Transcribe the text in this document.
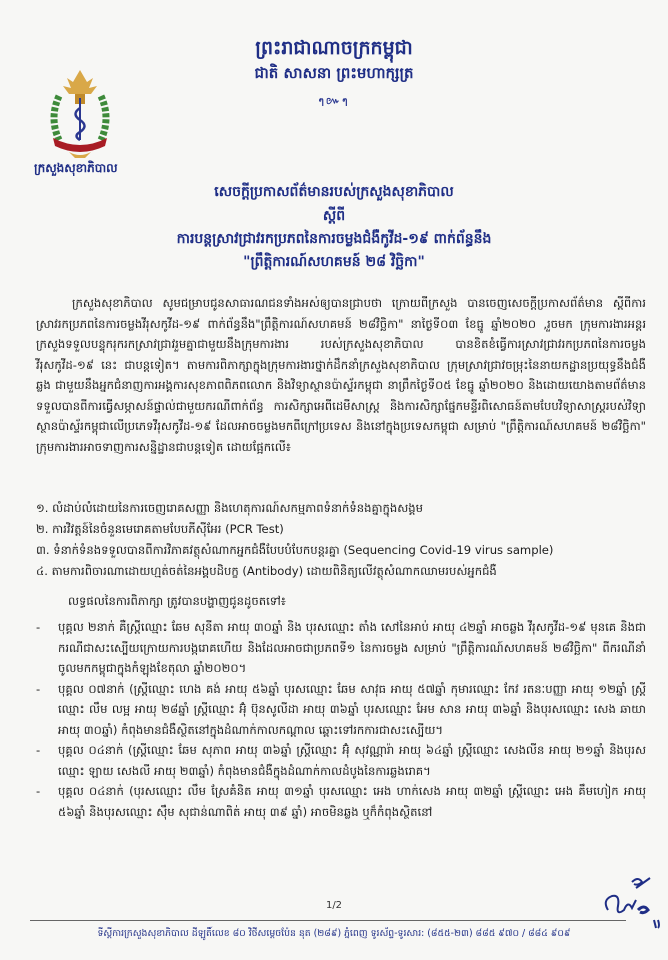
ព្រះរាជាណាចក្រកម្ពុជា
ជាតិ សាសនា ព្រះមហាក្សត្រ
ๆ៚ๆ
ក្រសួងសុខាភិបាល
សេចក្តីប្រកាសព័ត៌មានរបស់ក្រសួងសុខាភិបាល
ស្តីពី
ការបន្តស្រាវជ្រាវរកប្រភពនៃការចម្លងជំងឺកូវីដ-១៩ ពាក់ព័ន្ធនឹង
"ព្រឹត្តិការណ៍សហគមន៍ ២៨ វិច្ឆិកា"
ក្រសួងសុខាភិបាល សូមជម្រាបជូនសាធារណជនទាំងអស់ឲ្យបានជ្រាបថា ក្រោយពីក្រសួង បានចេញសេចក្តីប្រកាសព័ត៌មាន ស្តីពីការស្រាវរកប្រភពនៃការចម្លងវីរុសកូវីដ-១៩ ពាក់ព័ន្ធនឹង"ព្រឹត្តិការណ៍សហគមន៍ ២៨វិច្ឆិកា" នាថ្ងៃទី០៣ ខែធ្នូ ឆ្នាំ២០២០ ,រួចមក ក្រុមការងារអន្តរក្រសួងទទួលបន្ទុករុករកស្រាវជ្រាវរួមគ្នាជាមួយនឹងក្រុមការងារ របស់ក្រសួងសុខាភិបាល បានខិតខំធ្វើការស្រាវជ្រាវរកប្រភពនៃការចម្លងវីរុសកូវីដ-១៩ នេះ ជាបន្តទៀត។ តាមការពិភាក្សាក្នុងក្រុមការងារថ្នាក់ដឹកនាំក្រសួងសុខាភិបាល ក្រុមស្រាវជ្រាវចម្រុះនៃនាយកដ្ឋានប្រយុទ្ធនឹងជំងឺឆ្លង ជាមួយនឹងអ្នកជំនាញការអង្គការសុខភាពពិភពលោក និងវិទ្យាស្ថានប៉ាស្ទ័រកម្ពុជា នាព្រឹកថ្ងៃទី០៥ ខែធ្នូ ឆ្នាំ២០២០ និងដោយយោងតាមព័ត៌មានទទួលបានពីការធ្វើសម្ភាសន៍ផ្ទាល់ជាមួយករណីពាក់ព័ន្ធ ការសិក្សាអេពីដេមីសាស្ត្រ និងការសិក្សាផ្នែកមន្ទីរពិសោធន៍តាមបែបវិទ្យាសាស្ត្ររបស់វិទ្យាស្ថានប៉ាស្ទ័រកម្ពុជាលើប្រភេទវីរុសកូវីដ-១៩ ដែលអាចចម្លងមកពីក្រៅប្រទេស និងនៅក្នុងប្រទេសកម្ពុជា សម្រាប់ "ព្រឹត្តិការណ៍សហគមន៍ ២៨វិច្ឆិកា" ក្រុមការងារអាចទាញការសន្និដ្ឋានជាបន្តទៀត ដោយផ្អែកលើ៖
១. លំដាប់លំដោយនៃការចេញរោគសញ្ញា និងហេតុការណ៍សកម្មភាពទំនាក់ទំនងគ្នាក្នុងសង្គម
២. ការវិវត្តន៍នៃចំនួនមេរោគតាមបែបភីស៊ីអែរ (PCR Test)
៣. ទំនាក់ទំនងទទួលបានពីការវិភាគវត្ថុសំណាកអ្នកជំងឺបែបបំបែកបន្តរគ្នា (Sequencing Covid-19 virus sample)
៤. តាមការពិចារណាដោយហ្មត់ចត់នៃអង្គបដិបក្ខ (Antibody) ដោយពិនិត្យលើវត្ថុសំណាកឈាមរបស់អ្នកជំងឺ
លទ្ធផលនៃការពិភាក្សា ត្រូវបានបង្ហាញជូនដូចតទៅ៖
-	បុគ្គល ២នាក់ គឺស្ត្រីឈ្មោះ ឆែម សុនីតា អាយុ ៣០ឆ្នាំ និង បុរសឈ្មោះ តាំង សៅនៃអាប់ អាយុ ៤២ឆ្នាំ អាចឆ្លង វីរុសកូវីដ-១៩ មុនគេ និងជាករណីជាសះស្បើយក្រោយការបង្ករោគហើយ និងដែលអាចជាប្រភពទី១ នៃការចម្លង សម្រាប់ "ព្រឹត្តិការណ៍សហគមន៍ ២៨វិច្ឆិកា" ពីករណីនាំចូលមកកម្ពុជាក្នុងកំឡុងខែតុលា ឆ្នាំ២០២០។
-	បុគ្គល ០៧នាក់ (ស្ត្រីឈ្មោះ ហេង គង់ អាយុ ៥៦ឆ្នាំ បុរសឈ្មោះ ឆែម សាវុធ អាយុ ៥៧ឆ្នាំ កុមារឈ្មោះ កែវ រតនៈបញ្ញា អាយុ ១២ឆ្នាំ ស្ត្រីឈ្មោះ លឹម លម្អ អាយុ ២៨ឆ្នាំ ស្ត្រីឈ្មោះ អ៊ុំ ប៊ុនសូលីដា អាយុ ៣៦ឆ្នាំ បុរសឈ្មោះ អែម សាន អាយុ ៣៦ឆ្នាំ និងបុរសឈ្មោះ សេង ឆាយា អាយុ ៣០ឆ្នាំ) កំពុងមានជំងឺស្ថិតនៅក្នុងដំណាក់កាលកណ្តាល ឆ្ពោះទៅរកការជាសះស្បើយ។
-	បុគ្គល ០៤នាក់ (ស្ត្រីឈ្មោះ ឆែម សុភាព អាយុ ៣៦ឆ្នាំ ស្ត្រីឈ្មោះ អ៊ុំ សុវណ្ណារ៉ា អាយុ ៦៤ឆ្នាំ ស្ត្រីឈ្មោះ សេងលីន អាយុ ២១ឆ្នាំ និងបុរសឈ្មោះ ឡាយ សេងលី អាយុ ២៣ឆ្នាំ) កំពុងមានជំងឺក្នុងដំណាក់កាលដំបូងនៃការឆ្លងរោគ។
-	បុគ្គល ០៤នាក់ (បុរសឈ្មោះ លឹម ស្រែគំនិត អាយុ ៣១ឆ្នាំ បុរសឈ្មោះ អេង ហាក់សេង អាយុ ៣២ឆ្នាំ ស្ត្រីឈ្មោះ អេង គឹមហៀក អាយុ ៥៦ឆ្នាំ និងបុរសឈ្មោះ ស៊ឹម សុជាន់ណាពិត់ អាយុ ៣៩ ឆ្នាំ) អាចមិនឆ្លង ឬក៏កំពុងស្ថិតនៅ
1/2
ទីស្តីការក្រសួងសុខាភិបាល ដីឡូតិ៍លេខ ៨០ វិថីសម្តេចប៉ែន នុត (២៨៩) ភ្នំពេញ ទូរស័ព្ទ-ទូរសារ: (៨៥៥-២៣) ៨៨៥ ៩៧០ / ៨៨៤ ៩០៩
